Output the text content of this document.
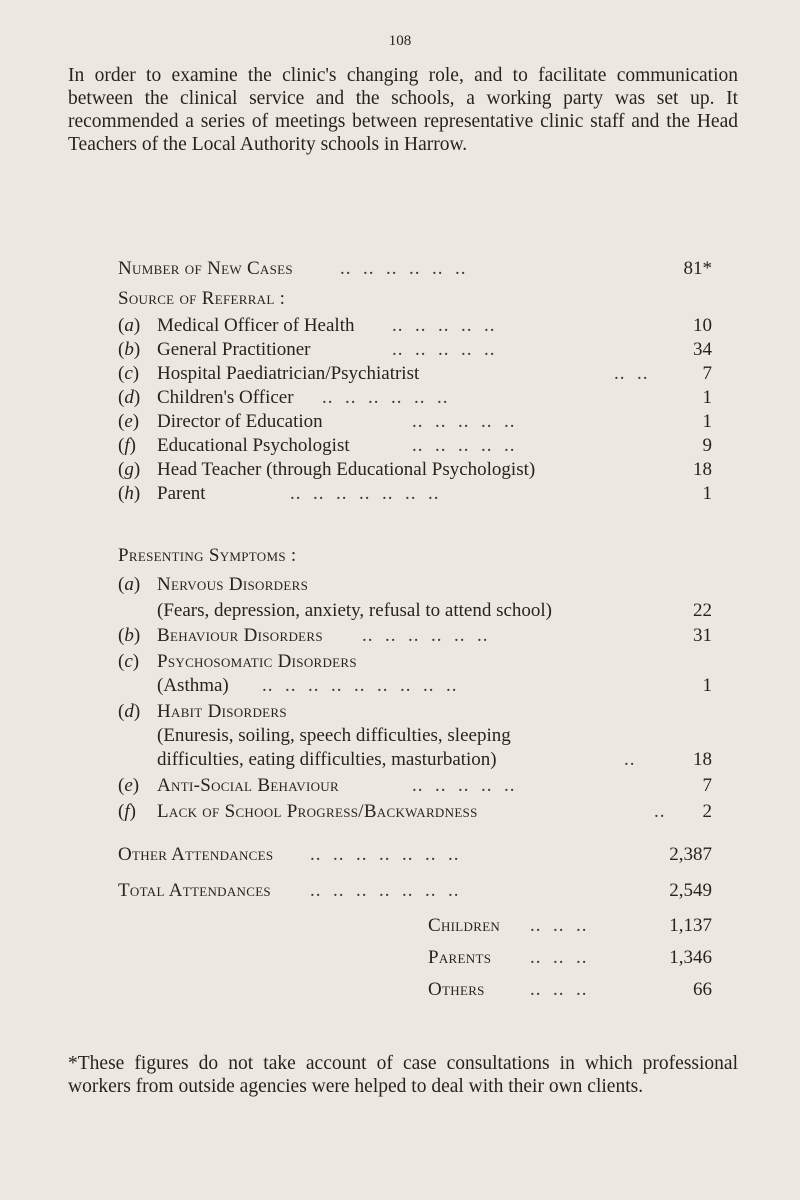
108
In order to examine the clinic's changing role, and to facilitate communication between the clinical service and the schools, a working party was set up. It recommended a series of meetings between representative clinic staff and the Head Teachers of the Local Authority schools in Harrow.
Number of New Cases ..  ..  ..  ..  ..  ..	81*
Source of Referral :
(a) Medical Officer of Health ..  ..  ..  ..  ..	10
(b) General Practitioner	..  ..  ..  ..  ..	34
(c) Hospital Paediatrician/Psychiatrist	..  ..	7
(d) Children's Officer ..  ..  ..  ..  ..  ..	1
(e) Director of Education	..  ..  ..  ..  ..	1
(f) Educational Psychologist	..  ..  ..  ..  ..	9
(g) Head Teacher (through Educational Psychologist)	18
(h) Parent	..  ..  ..  ..  ..  ..  ..	1
Presenting Symptoms :
(a) Nervous Disorders
(Fears, depression, anxiety, refusal to attend school)	22
(b) Behaviour Disorders ..  ..  ..  ..  ..  ..	31
(c) Psychosomatic Disorders
(Asthma) ..  ..  ..  ..  ..  ..  ..  ..  ..	1
(d) Habit Disorders
(Enuresis, soiling, speech difficulties, sleeping
difficulties, eating difficulties, masturbation)	..	18
(e) Anti-Social Behaviour	..  ..  ..  ..  ..	7
(f) Lack of School Progress/Backwardness	.. 2
Other Attendances ..  ..  ..  ..  ..  ..  ..	2,387
Total Attendances ..  ..  ..  ..  ..  ..  ..	2,549
Children ..  ..  ..	1,137
Parents ..  ..  ..	1,346
Others ..  ..  ..	66
*These figures do not take account of case consultations in which professional workers from outside agencies were helped to deal with their own clients.
